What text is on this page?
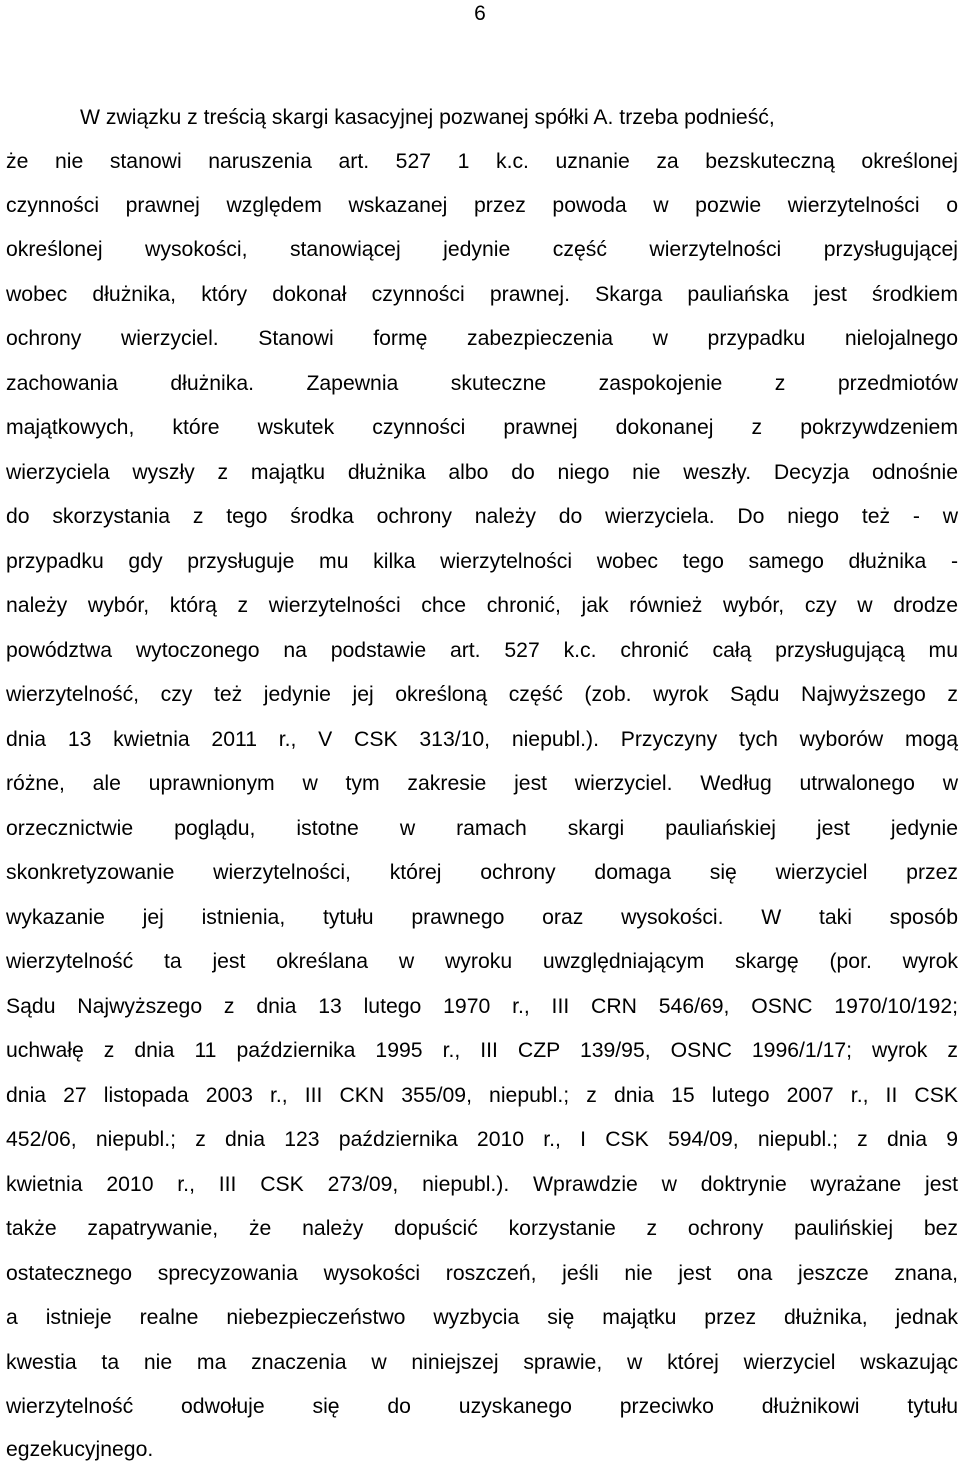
6
W związku z treścią skargi kasacyjnej pozwanej spółki A. trzeba podnieść,
że nie stanowi naruszenia art. 527 1 k.c. uznanie za bezskuteczną określonej
czynności prawnej względem wskazanej przez powoda w pozwie wierzytelności o
określonej wysokości, stanowiącej jedynie część wierzytelności przysługującej
wobec dłużnika, który dokonał czynności prawnej. Skarga pauliańska jest środkiem
ochrony wierzyciel. Stanowi formę zabezpieczenia w przypadku nielojalnego
zachowania dłużnika. Zapewnia skuteczne zaspokojenie z przedmiotów
majątkowych, które wskutek czynności prawnej dokonanej z pokrzywdzeniem
wierzyciela wyszły z majątku dłużnika albo do niego nie weszły. Decyzja odnośnie
do skorzystania z tego środka ochrony należy do wierzyciela. Do niego też - w
przypadku gdy przysługuje mu kilka wierzytelności wobec tego samego dłużnika -
należy wybór, którą z wierzytelności chce chronić, jak również wybór, czy w drodze
powództwa wytoczonego na podstawie art. 527 k.c. chronić całą przysługującą mu
wierzytelność, czy też jedynie jej określoną część (zob. wyrok Sądu Najwyższego z
dnia 13 kwietnia 2011 r., V CSK 313/10, niepubl.). Przyczyny tych wyborów mogą
różne, ale uprawnionym w tym zakresie jest wierzyciel. Według utrwalonego w
orzecznictwie poglądu, istotne w ramach skargi pauliańskiej jest jedynie
skonkretyzowanie wierzytelności, której ochrony domaga się wierzyciel przez
wykazanie jej istnienia, tytułu prawnego oraz wysokości. W taki sposób
wierzytelność ta jest określana w wyroku uwzględniającym skargę (por. wyrok
Sądu Najwyższego z dnia 13 lutego 1970 r., III CRN 546/69, OSNC 1970/10/192;
uchwałę z dnia 11 października 1995 r., III CZP 139/95, OSNC 1996/1/17; wyrok z
dnia 27 listopada 2003 r., III CKN 355/09, niepubl.; z dnia 15 lutego 2007 r., II CSK
452/06, niepubl.; z dnia 123 października 2010 r., I CSK 594/09, niepubl.; z dnia 9
kwietnia 2010 r., III CSK 273/09, niepubl.). Wprawdzie w doktrynie wyrażane jest
także zapatrywanie, że należy dopuścić korzystanie z ochrony paulińskiej bez
ostatecznego sprecyzowania wysokości roszczeń, jeśli nie jest ona jeszcze znana,
a istnieje realne niebezpieczeństwo wyzbycia się majątku przez dłużnika, jednak
kwestia ta nie ma znaczenia w niniejszej sprawie, w której wierzyciel wskazując
wierzytelność odwołuje się do uzyskanego przeciwko dłużnikowi tytułu
egzekucyjnego.
